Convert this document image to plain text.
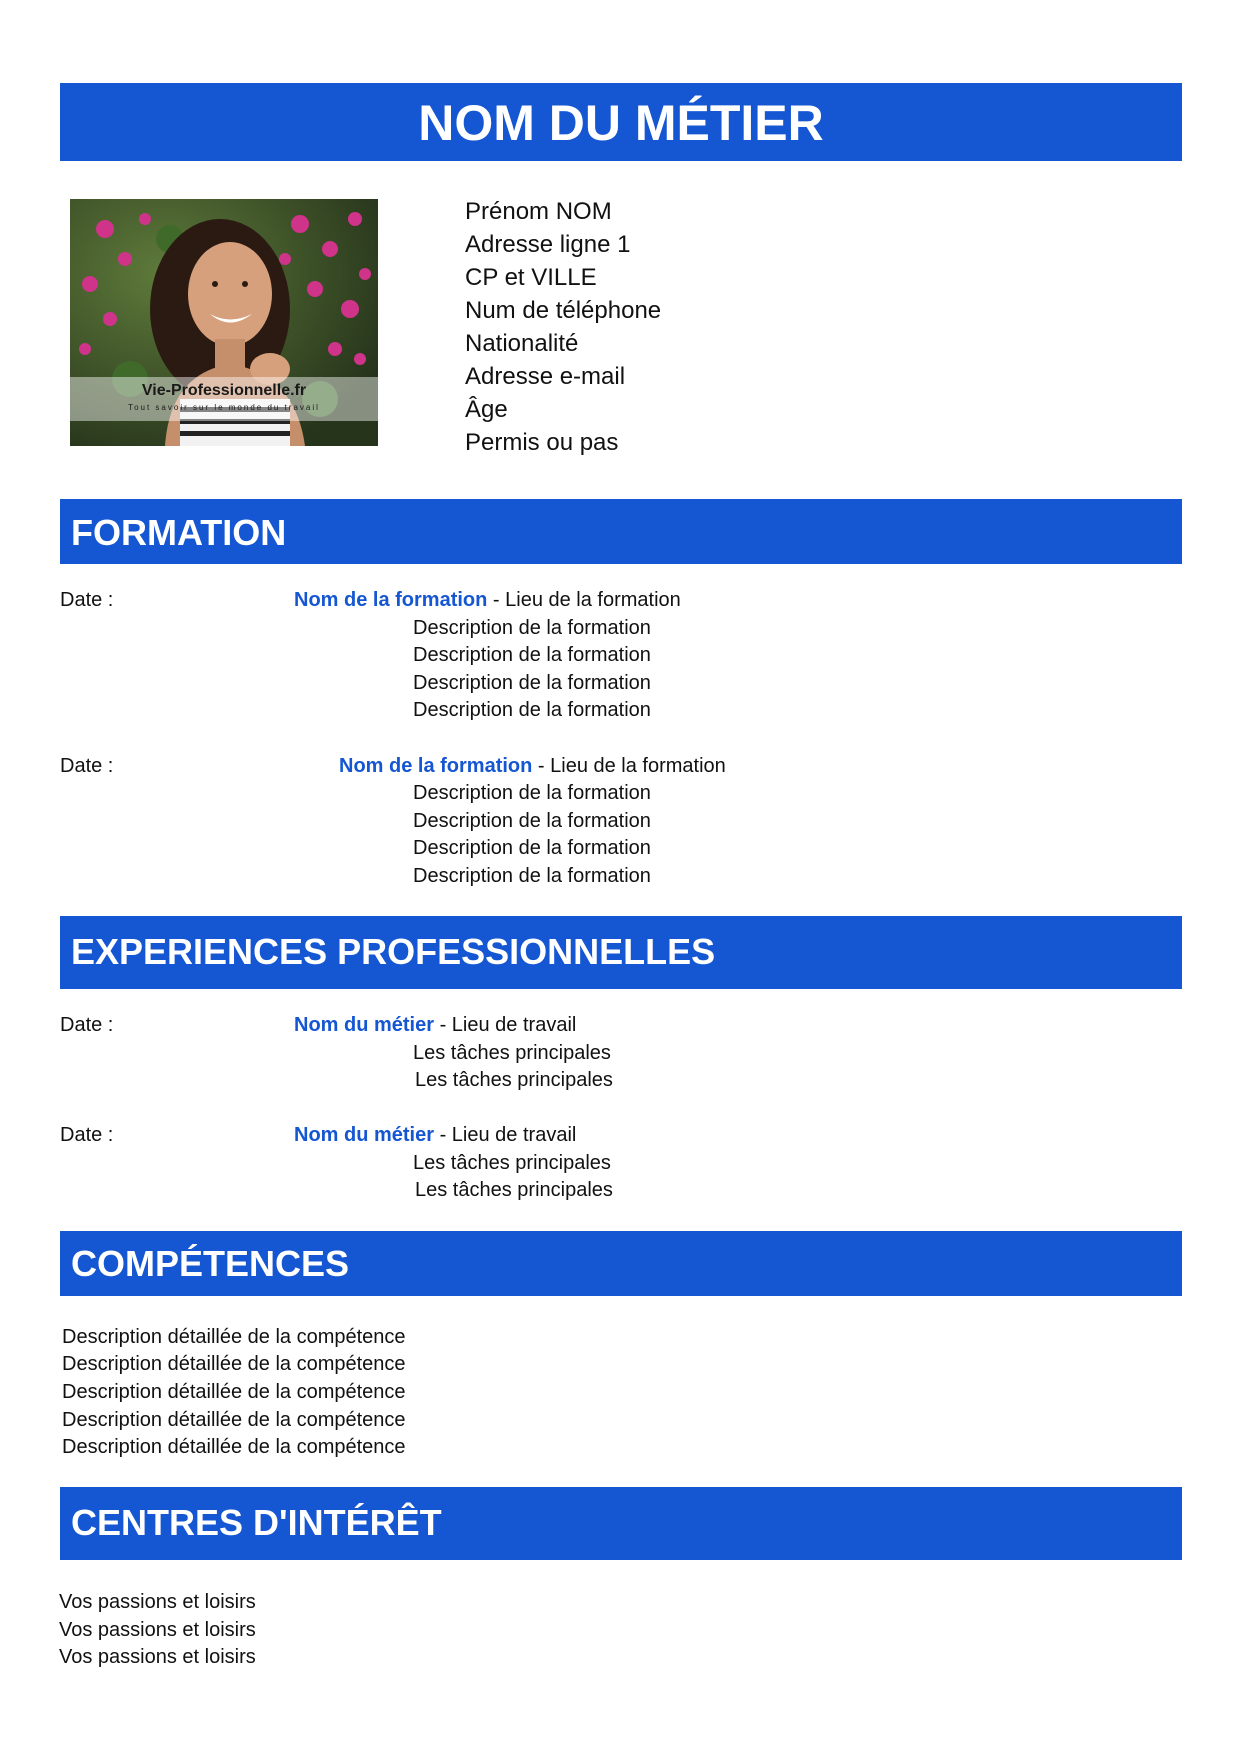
NOM DU MÉTIER
Vie-Professionnelle.fr
Tout savoir sur le monde du travail
Prénom NOM
Adresse ligne 1
CP et VILLE
Num de téléphone
Nationalité
Adresse e-mail
Âge
Permis ou pas
FORMATION
Date :	Nom de la formation - Lieu de la formation
Description de la formation
Description de la formation
Description de la formation
Description de la formation
Date :	Nom de la formation - Lieu de la formation
Description de la formation
Description de la formation
Description de la formation
Description de la formation
EXPERIENCES PROFESSIONNELLES
Date :	Nom du métier - Lieu de travail
Les tâches principales
Les tâches principales
Date :	Nom du métier - Lieu de travail
Les tâches principales
Les tâches principales
COMPÉTENCES
Description détaillée de la compétence
Description détaillée de la compétence
Description détaillée de la compétence
Description détaillée de la compétence
Description détaillée de la compétence
CENTRES D'INTÉRÊT
Vos passions et loisirs
Vos passions et loisirs
Vos passions et loisirs
